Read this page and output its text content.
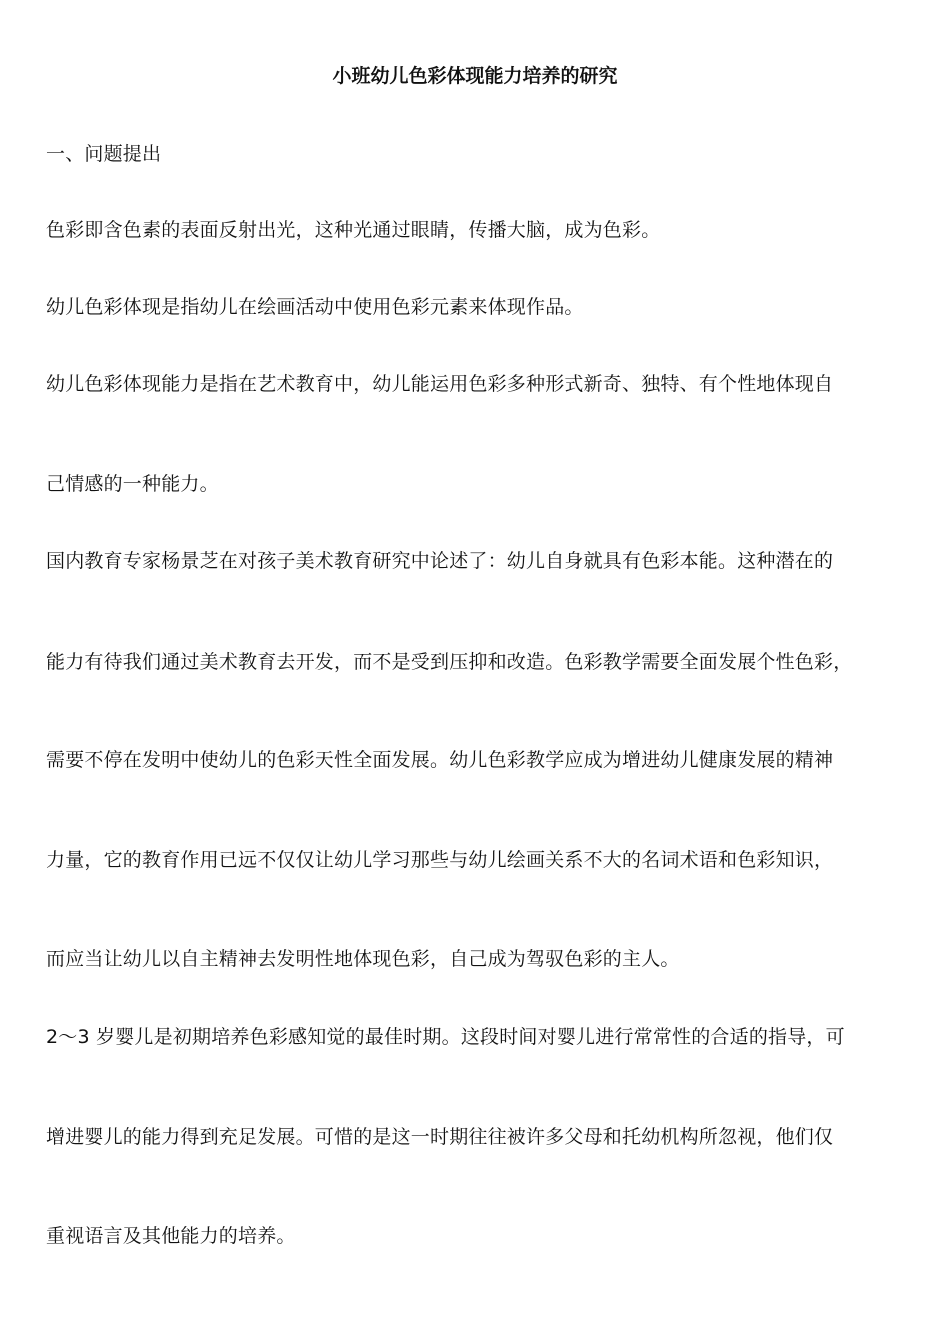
小班幼儿色彩体现能力培养的研究
一、问题提出
色彩即含色素的表面反射出光，这种光通过眼睛，传播大脑，成为色彩。
幼儿色彩体现是指幼儿在绘画活动中使用色彩元素来体现作品。
幼儿色彩体现能力是指在艺术教育中，幼儿能运用色彩多种形式新奇、独特、有个性地体现自
己情感的一种能力。
国内教育专家杨景芝在对孩子美术教育研究中论述了：幼儿自身就具有色彩本能。这种潜在的
能力有待我们通过美术教育去开发，而不是受到压抑和改造。色彩教学需要全面发展个性色彩，
需要不停在发明中使幼儿的色彩天性全面发展。幼儿色彩教学应成为增进幼儿健康发展的精神
力量，它的教育作用已远不仅仅让幼儿学习那些与幼儿绘画关系不大的名词术语和色彩知识，
而应当让幼儿以自主精神去发明性地体现色彩，自己成为驾驭色彩的主人。
2～3 岁婴儿是初期培养色彩感知觉的最佳时期。这段时间对婴儿进行常常性的合适的指导，可
增进婴儿的能力得到充足发展。可惜的是这一时期往往被许多父母和托幼机构所忽视，他们仅
重视语言及其他能力的培养。
